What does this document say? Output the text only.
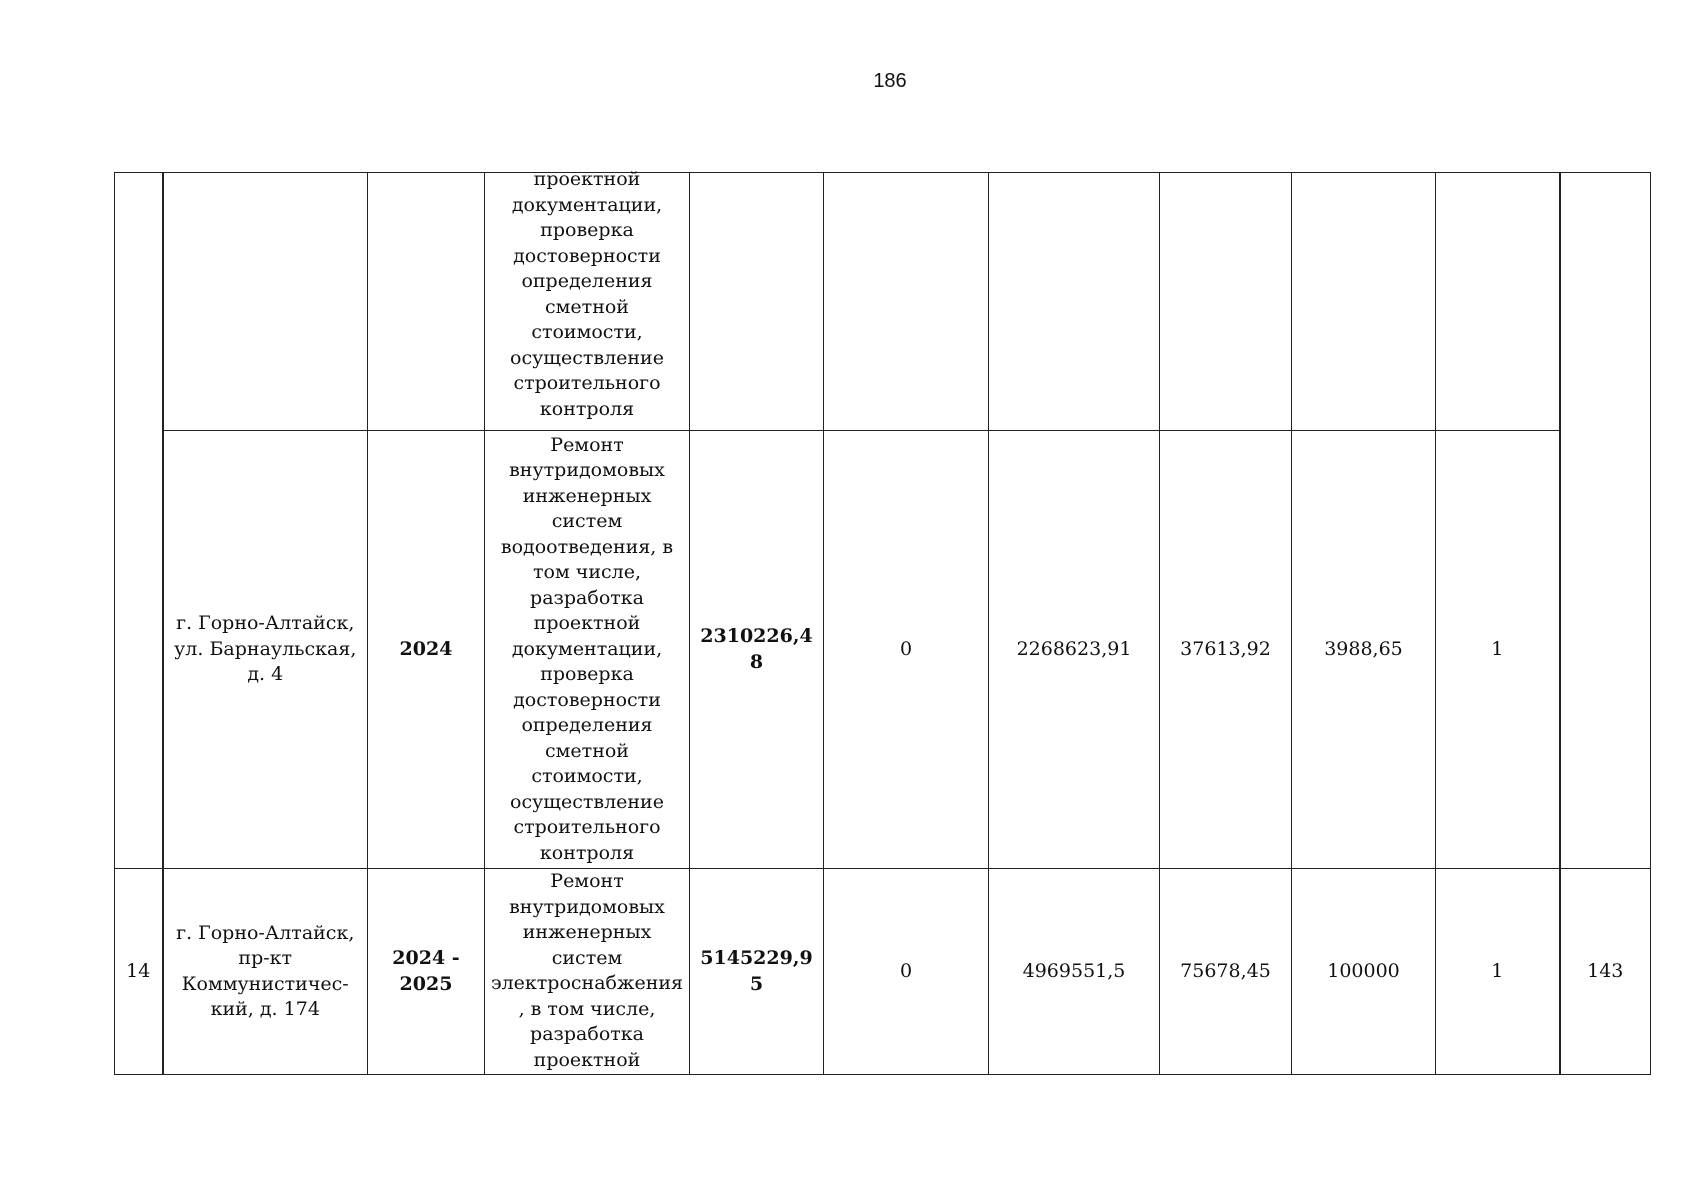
186

			проектной документации, проверка достоверности определения сметной стоимости, осуществление строительного контроля							

	г. Горно-Алтайск, ул. Барнаульская, д. 4	2024	Ремонт внутридомовых инженерных систем водоотведения, в том числе, разработка проектной документации, проверка достоверности определения сметной стоимости, осуществление строительного контроля	2310226,48	0	2268623,91	37613,92	3988,65	1	
14	г. Горно-Алтайск, пр-кт Коммунистичес-кий, д. 174	2024 - 2025	Ремонт внутридомовых инженерных систем электроснабжения, в том числе, разработка проектной	5145229,95	0	4969551,5	75678,45	100000	1	143
